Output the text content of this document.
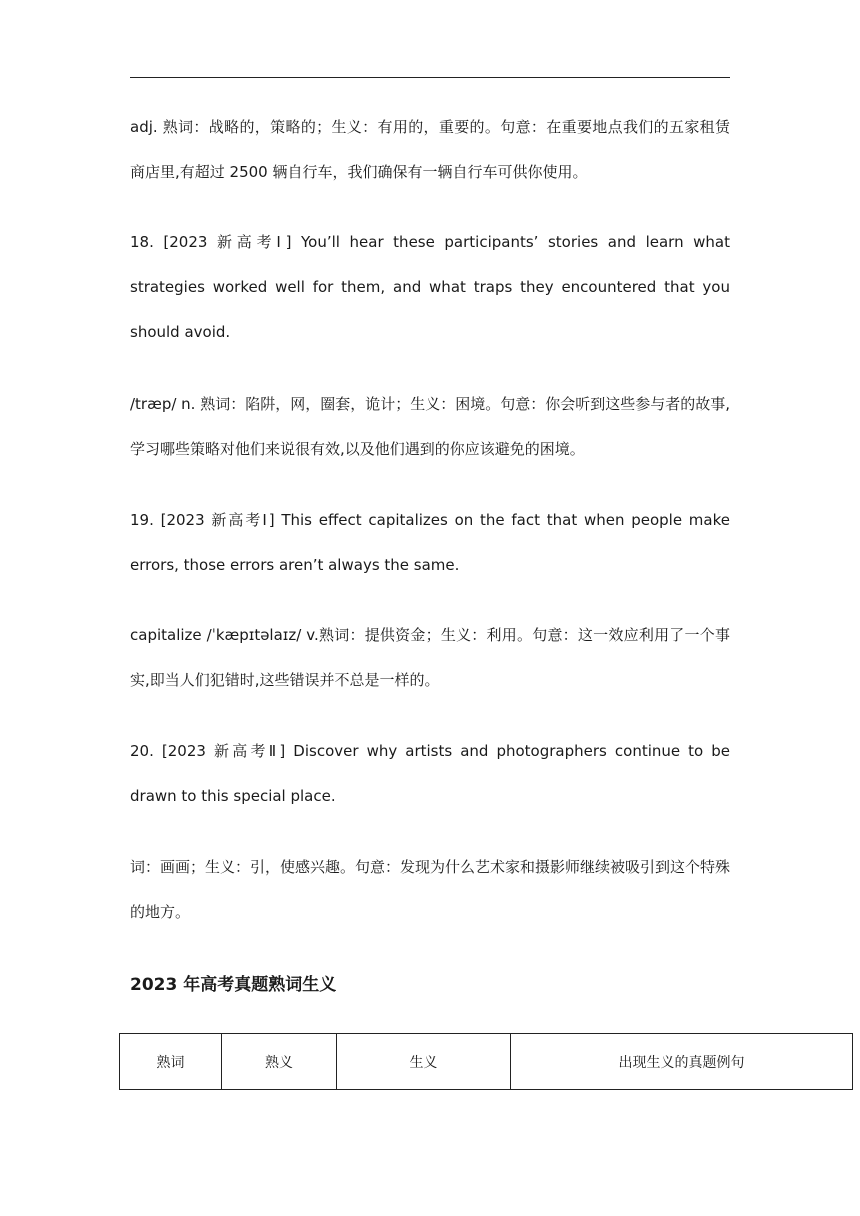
adj. 熟词：战略的，策略的；生义：有用的，重要的。句意：在重要地点我们的五家租赁商店里,有超过 2500 辆自行车，我们确保有一辆自行车可供你使用。

18. [2023 新高考Ⅰ] You’ll hear these participants’ stories and learn what strategies worked well for them, and what traps they encountered that you should avoid.

/træp/ n. 熟词：陷阱，网，圈套，诡计；生义：困境。句意：你会听到这些参与者的故事,学习哪些策略对他们来说很有效,以及他们遇到的你应该避免的困境。

19. [2023 新高考Ⅰ] This effect capitalizes on the fact that when people make errors, those errors aren’t always the same.

capitalize /ˈkæpɪtəlaɪz/ v.熟词：提供资金；生义：利用。句意：这一效应利用了一个事实,即当人们犯错时,这些错误并不总是一样的。

20. [2023 新高考Ⅱ] Discover why artists and photographers continue to be drawn to this special place.

词：画画；生义：引，使感兴趣。句意：发现为什么艺术家和摄影师继续被吸引到这个特殊的地方。

2023 年高考真题熟词生义
熟词	熟义	生义	出现生义的真题例句
